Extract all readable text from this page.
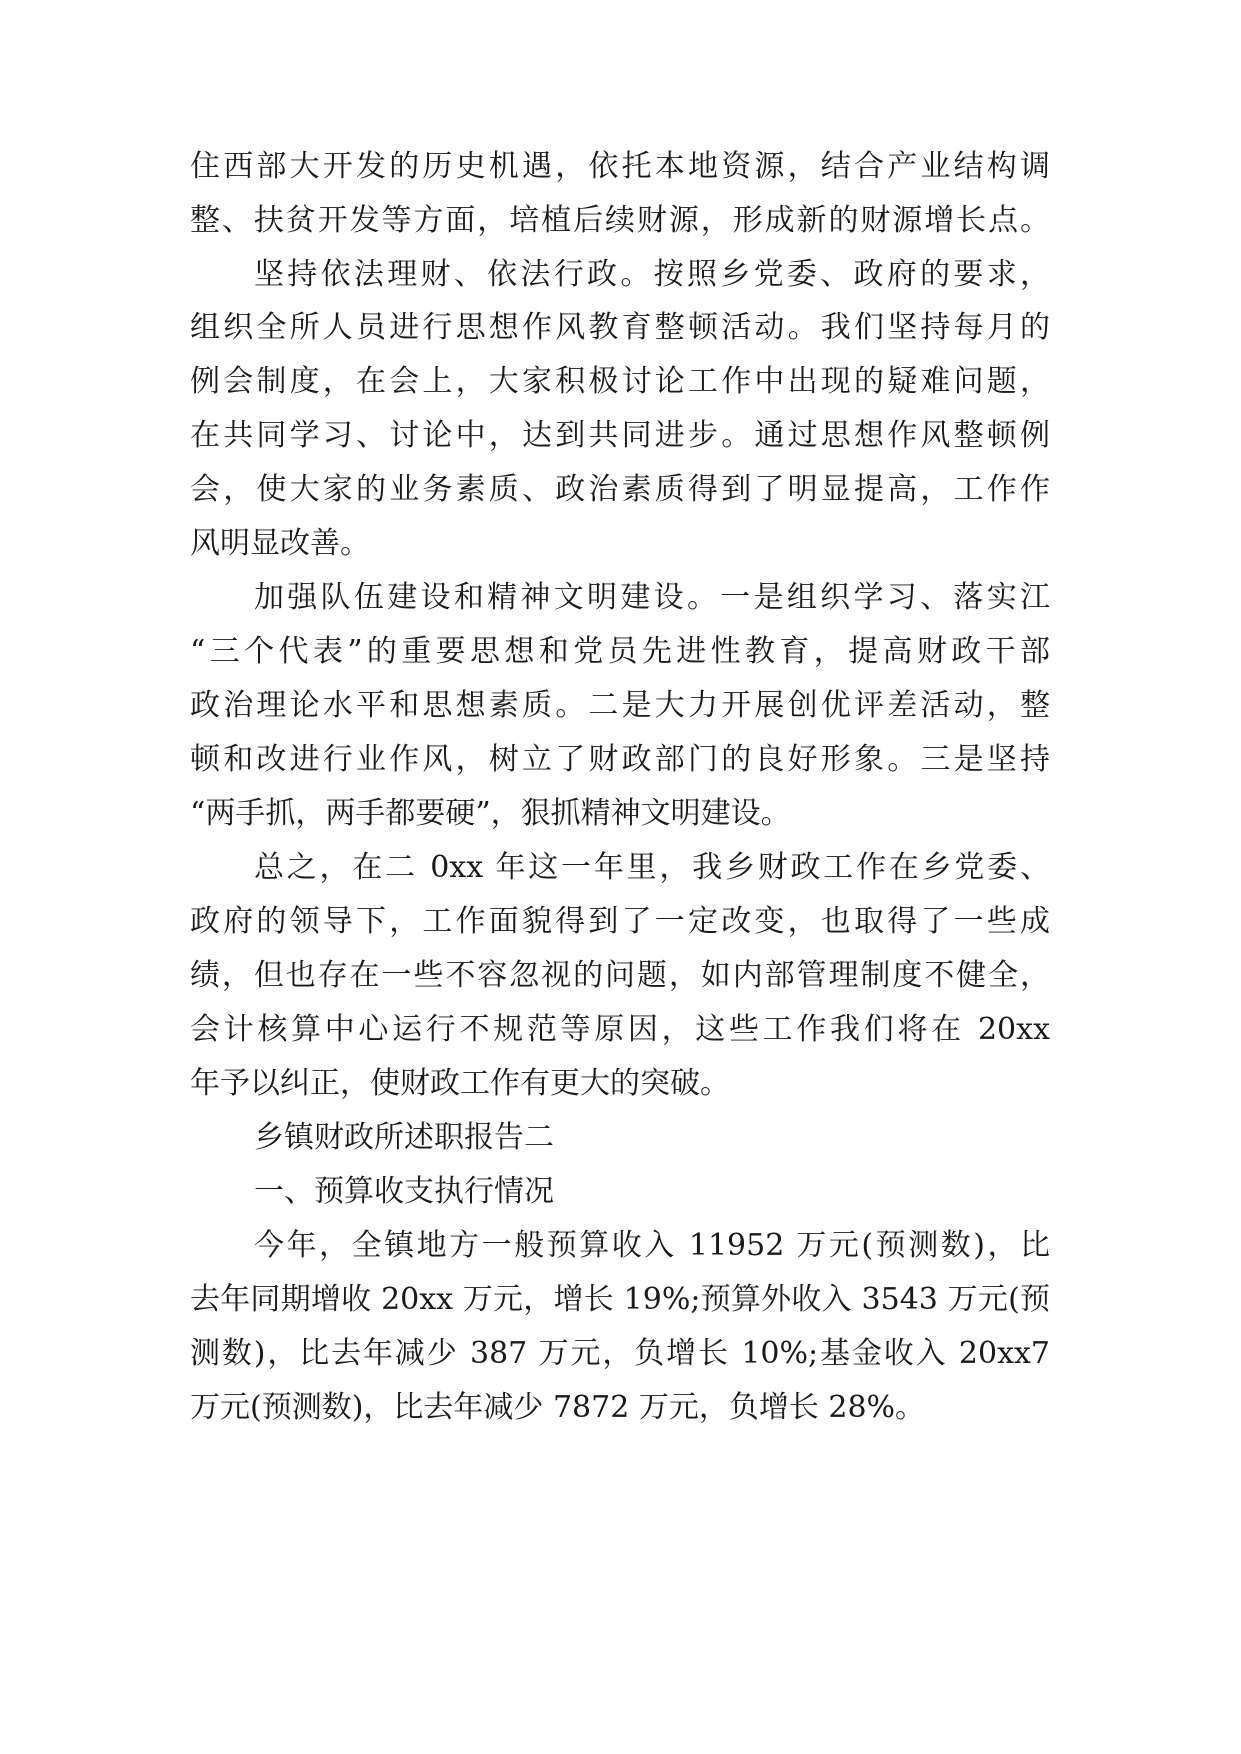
住西部大开发的历史机遇，依托本地资源，结合产业结构调
整、扶贫开发等方面，培植后续财源，形成新的财源增长点。
坚持依法理财、依法行政。按照乡党委、政府的要求，
组织全所人员进行思想作风教育整顿活动。我们坚持每月的
例会制度，在会上，大家积极讨论工作中出现的疑难问题，
在共同学习、讨论中，达到共同进步。通过思想作风整顿例
会，使大家的业务素质、政治素质得到了明显提高，工作作
风明显改善。
加强队伍建设和精神文明建设。一是组织学习、落实江
“三个代表”的重要思想和党员先进性教育，提高财政干部
政治理论水平和思想素质。二是大力开展创优评差活动，整
顿和改进行业作风，树立了财政部门的良好形象。三是坚持
“两手抓，两手都要硬”，狠抓精神文明建设。
总之，在二 0xx 年这一年里，我乡财政工作在乡党委、
政府的领导下，工作面貌得到了一定改变，也取得了一些成
绩，但也存在一些不容忽视的问题，如内部管理制度不健全，
会计核算中心运行不规范等原因，这些工作我们将在 20xx
年予以纠正，使财政工作有更大的突破。
乡镇财政所述职报告二
一、预算收支执行情况
今年，全镇地方一般预算收入 11952 万元(预测数)，比
去年同期增收 20xx 万元，增长 19%;预算外收入 3543 万元(预
测数)，比去年减少 387 万元，负增长 10%;基金收入 20xx7
万元(预测数)，比去年减少 7872 万元，负增长 28%。
